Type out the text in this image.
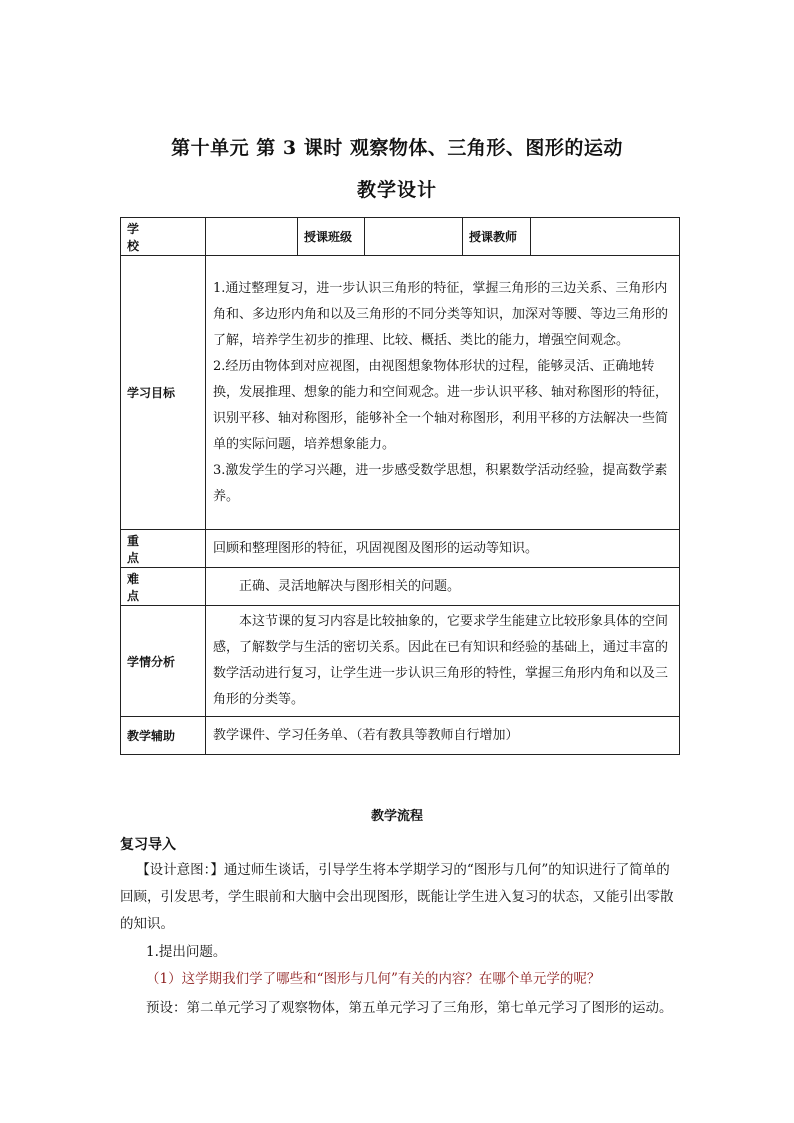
第十单元 第 3 课时 观察物体、三角形、图形的运动
教学设计
学 校		授课班级		授课教师	
学习目标	1.通过整理复习，进一步认识三角形的特征，掌握三角形的三边关系、三角形内角和、多边形内角和以及三角形的不同分类等知识，加深对等腰、等边三角形的了解，培养学生初步的推理、比较、概括、类比的能力，增强空间观念。
2.经历由物体到对应视图，由视图想象物体形状的过程，能够灵活、正确地转换，发展推理、想象的能力和空间观念。进一步认识平移、轴对称图形的特征，识别平移、轴对称图形，能够补全一个轴对称图形，利用平移的方法解决一些简单的实际问题，培养想象能力。
3.激发学生的学习兴趣，进一步感受数学思想，积累数学活动经验，提高数学素养。				

重 点	回顾和整理图形的特征，巩固视图及图形的运动等知识。				
难 点	正确、灵活地解决与图形相关的问题。				
学情分析	本这节课的复习内容是比较抽象的，它要求学生能建立比较形象具体的空间感，了解数学与生活的密切关系。因此在已有知识和经验的基础上，通过丰富的数学活动进行复习，让学生进一步认识三角形的特性，掌握三角形内角和以及三角形的分类等。				
教学辅助	教学课件、学习任务单、（若有教具等教师自行增加）				
教学流程
复习导入
【设计意图：】通过师生谈话，引导学生将本学期学习的“图形与几何”的知识进行了简单的回顾，引发思考，学生眼前和大脑中会出现图形，既能让学生进入复习的状态，又能引出零散的知识。
1.提出问题。
（1）这学期我们学了哪些和“图形与几何”有关的内容？在哪个单元学的呢？
预设：第二单元学习了观察物体，第五单元学习了三角形，第七单元学习了图形的运动。
